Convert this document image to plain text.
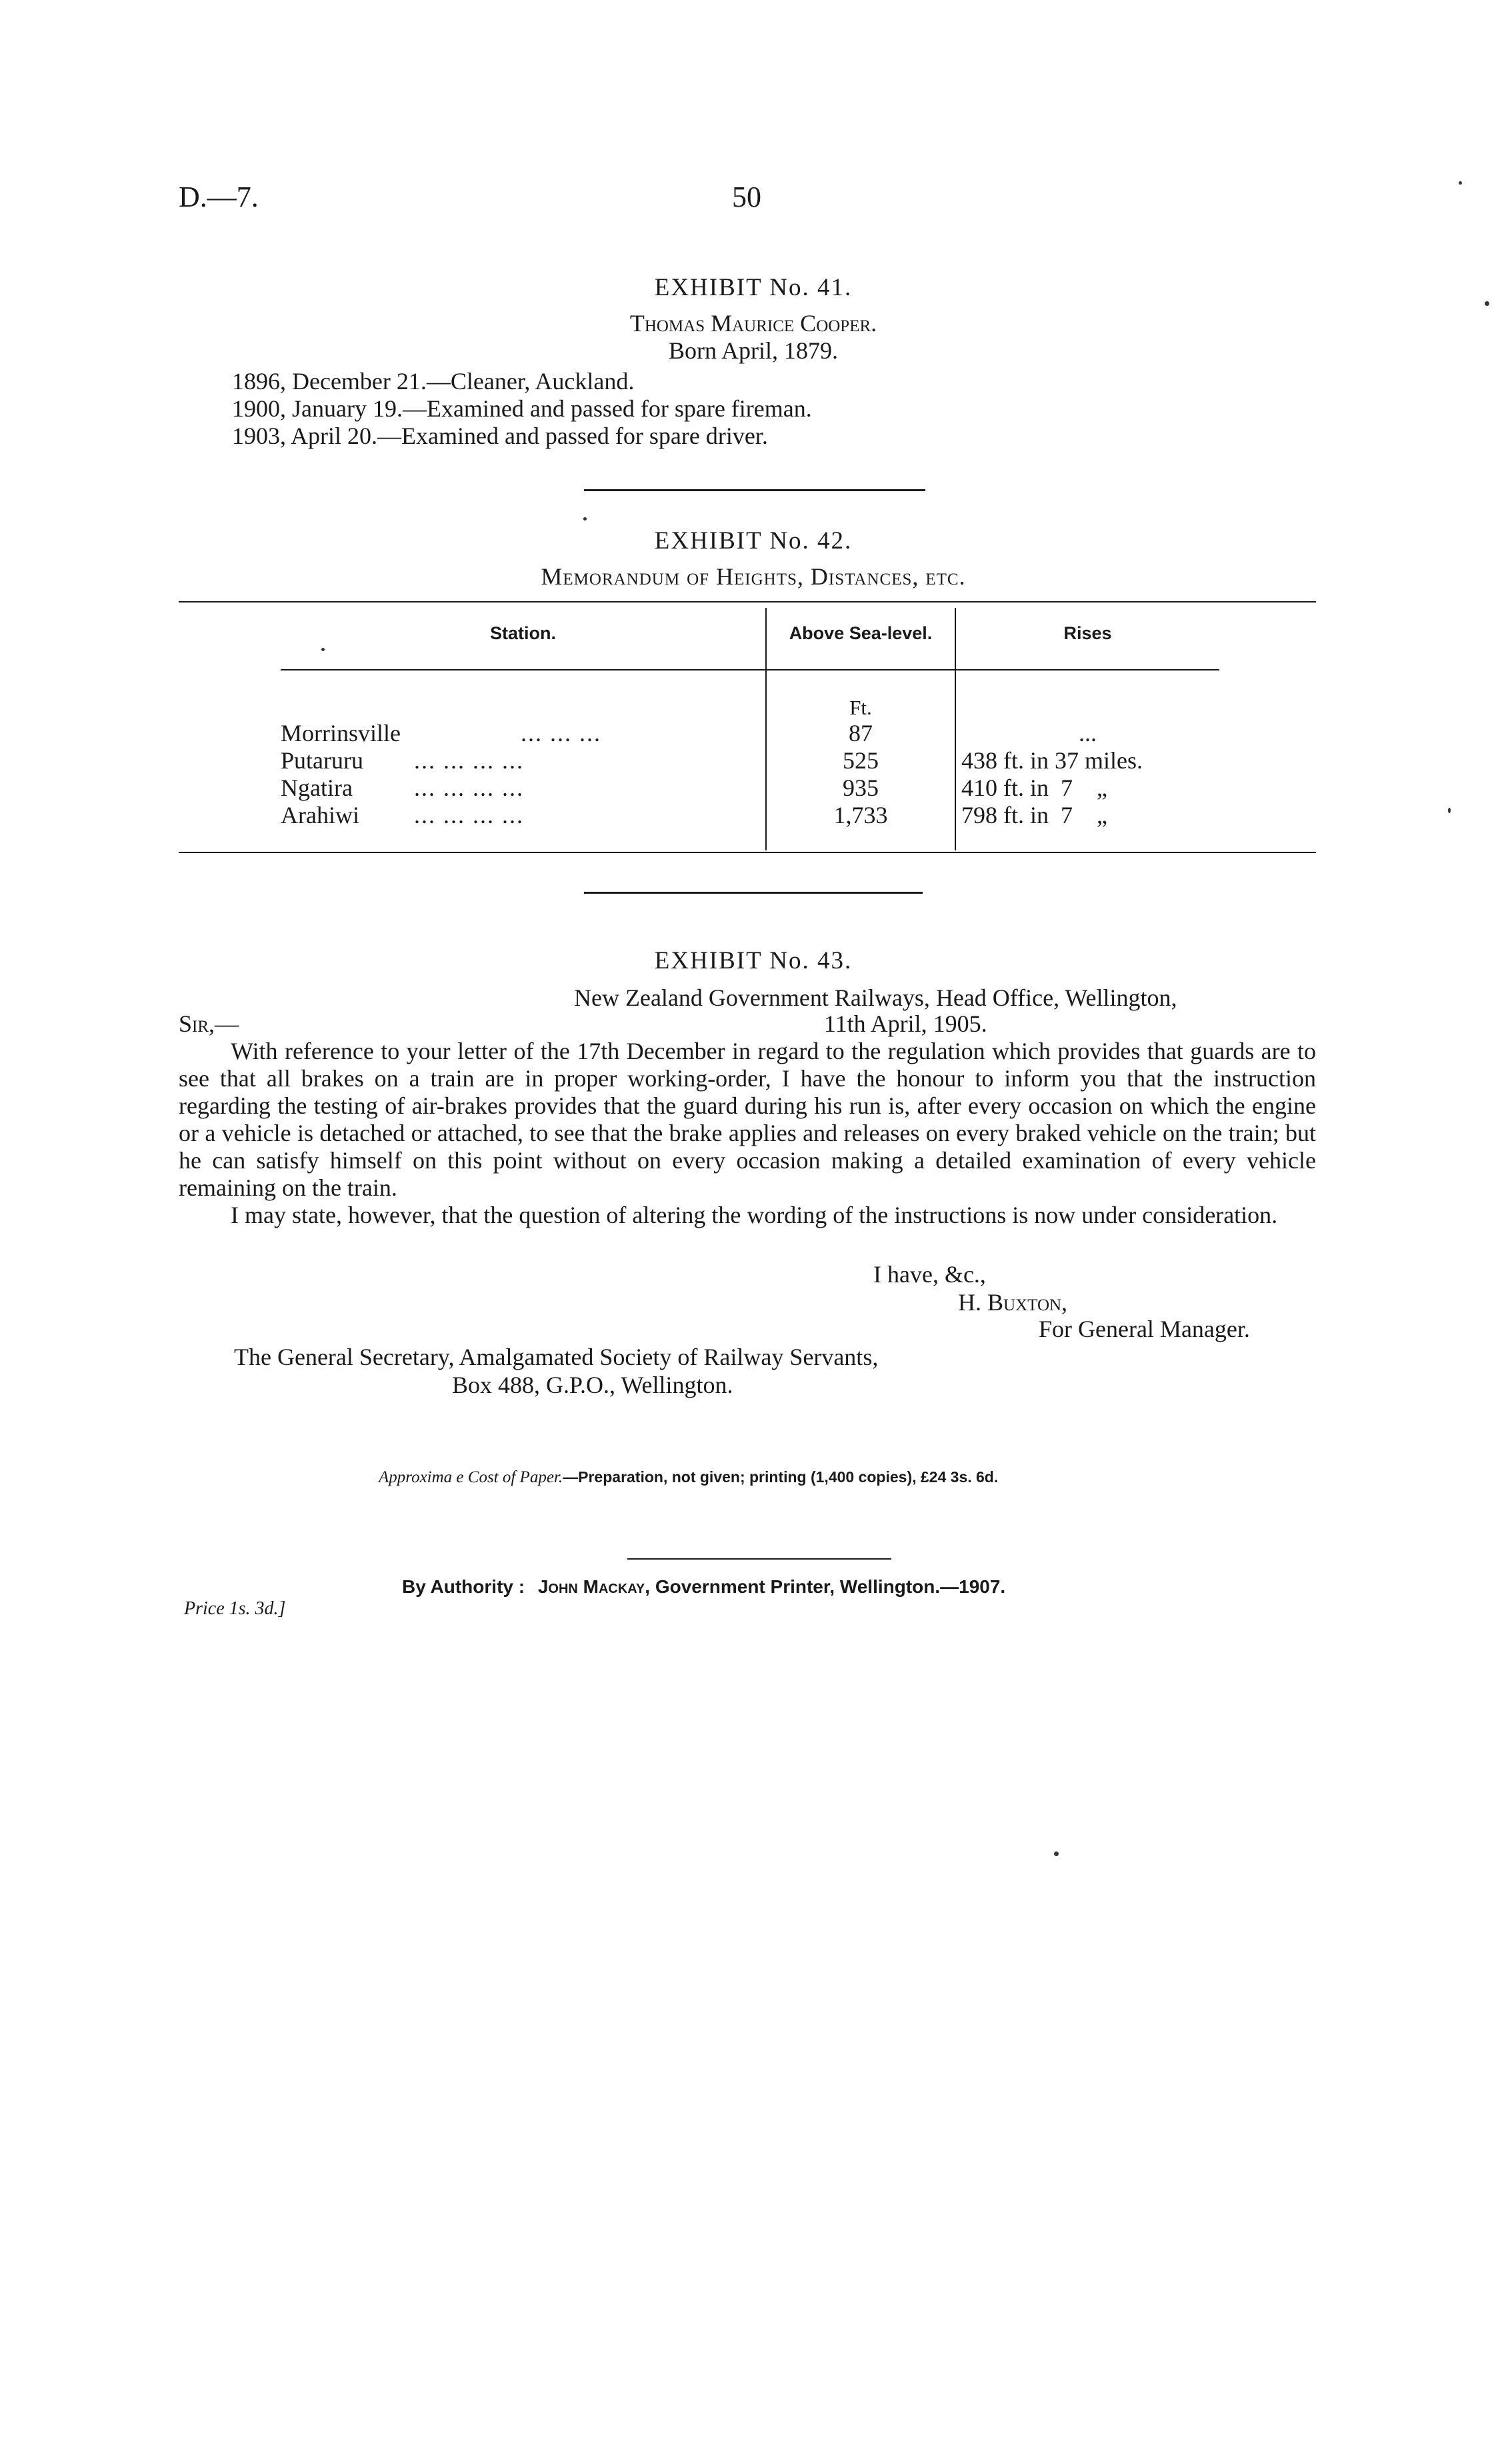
D.—7.	50
EXHIBIT No. 41.
Thomas Maurice Cooper.
Born April, 1879.
1896, December 21.—Cleaner, Auckland.
1900, January 19.—Examined and passed for spare fireman.
1903, April 20.—Examined and passed for spare driver.
EXHIBIT No. 42.
Memorandum of Heights, Distances, etc.
Station.	Above Sea-level.	Rises
Ft.
Morrinsville	... ... ...	87	...
Putaruru ... ... ... ...	525	438 ft. in 37 miles.
Ngatira	... ... ... ...	935	410 ft. in  7    „
Arahiwi ... ... ... ...	1,733	798 ft. in  7    „
EXHIBIT No. 43.
New Zealand Government Railways, Head Office, Wellington,
Sir,—	11th April, 1905.

With reference to your letter of the 17th December in regard to the regulation which provides that guards are to see that all brakes on a train are in proper working-order, I have the honour to inform you that the instruction regarding the testing of air-brakes provides that the guard during his run is, after every occasion on which the engine or a vehicle is detached or attached, to see that the brake applies and releases on every braked vehicle on the train; but he can satisfy himself on this point without on every occasion making a detailed examination of every vehicle remaining on the train.

I may state, however, that the question of altering the wording of the instructions is now under consideration.

I have, &c.,
H. Buxton,
For General Manager.
The General Secretary, Amalgamated Society of Railway Servants,
Box 488, G.P.O., Wellington.
Approxima e Cost of Paper.—Preparation, not given; printing (1,400 copies), £24 3s. 6d.
By Authority : John Mackay, Government Printer, Wellington.—1907.
Price 1s. 3d.]
